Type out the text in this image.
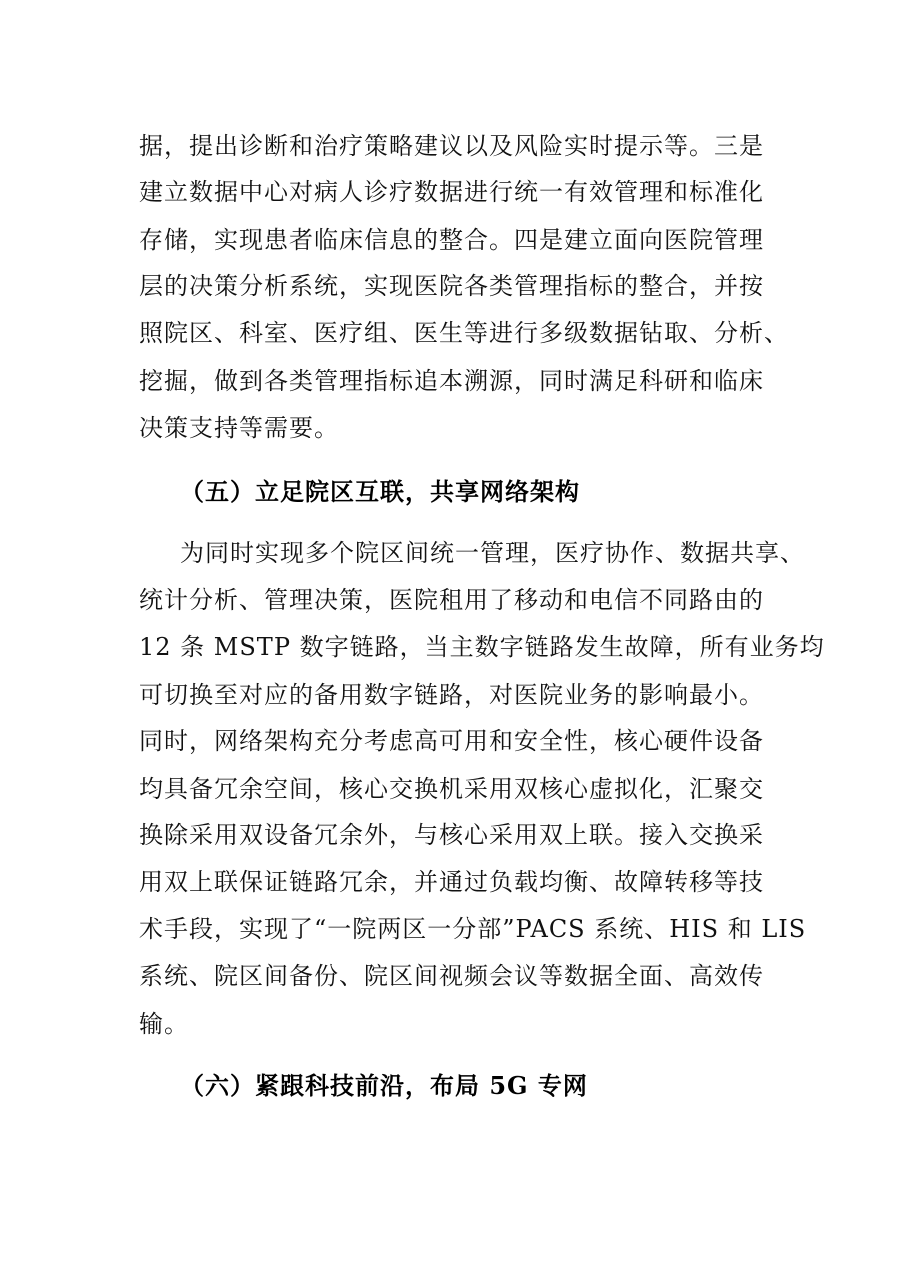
据，提出诊断和治疗策略建议以及风险实时提示等。三是
建立数据中心对病人诊疗数据进行统一有效管理和标准化
存储，实现患者临床信息的整合。四是建立面向医院管理
层的决策分析系统，实现医院各类管理指标的整合，并按
照院区、科室、医疗组、医生等进行多级数据钻取、分析、
挖掘，做到各类管理指标追本溯源，同时满足科研和临床
决策支持等需要。
（五）立足院区互联，共享网络架构
为同时实现多个院区间统一管理，医疗协作、数据共享、
统计分析、管理决策，医院租用了移动和电信不同路由的
12 条 MSTP 数字链路，当主数字链路发生故障，所有业务均
可切换至对应的备用数字链路，对医院业务的影响最小。
同时，网络架构充分考虑高可用和安全性，核心硬件设备
均具备冗余空间，核心交换机采用双核心虚拟化，汇聚交
换除采用双设备冗余外，与核心采用双上联。接入交换采
用双上联保证链路冗余，并通过负载均衡、故障转移等技
术手段，实现了“一院两区一分部”PACS 系统、HIS 和 LIS
系统、院区间备份、院区间视频会议等数据全面、高效传
输。
（六）紧跟科技前沿，布局 5G 专网
